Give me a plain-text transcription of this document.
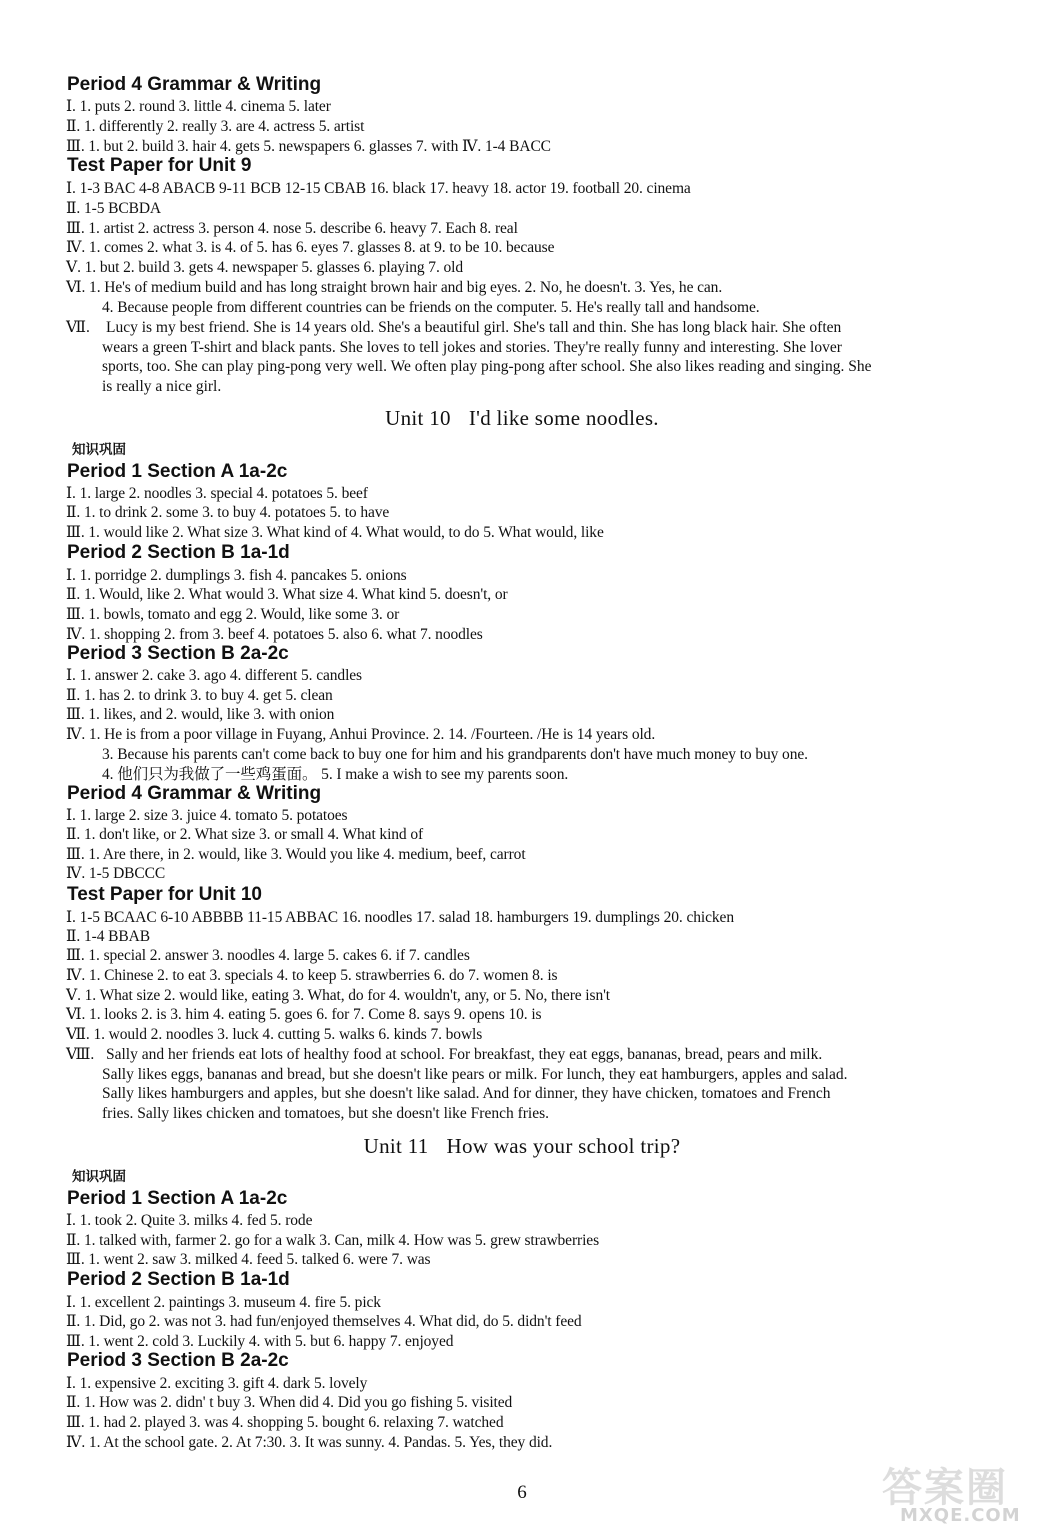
Period 4 Grammar & Writing
Ⅰ. 1. puts 2. round 3. little 4. cinema 5. later
Ⅱ. 1. differently 2. really 3. are 4. actress 5. artist
Ⅲ. 1. but 2. build 3. hair 4. gets 5. newspapers 6. glasses 7. with Ⅳ. 1-4 BACC
Test Paper for Unit 9
Ⅰ. 1-3 BAC 4-8 ABACB 9-11 BCB 12-15 CBAB 16. black 17. heavy 18. actor 19. football 20. cinema
Ⅱ. 1-5 BCBDA
Ⅲ. 1. artist 2. actress 3. person 4. nose 5. describe 6. heavy 7. Each 8. real
Ⅳ. 1. comes 2. what 3. is 4. of 5. has 6. eyes 7. glasses 8. at 9. to be 10. because
Ⅴ. 1. but 2. build 3. gets 4. newspaper 5. glasses 6. playing 7. old
Ⅵ. 1. He's of medium build and has long straight brown hair and big eyes. 2. No, he doesn't. 3. Yes, he can.
4. Because people from different countries can be friends on the computer. 5. He's really tall and handsome.
Ⅶ. Lucy is my best friend. She is 14 years old. She's a beautiful girl. She's tall and thin. She has long black hair. She often
wears a green T-shirt and black pants. She loves to tell jokes and stories. They're really funny and interesting. She lover
sports, too. She can play ping-pong very well. We often play ping-pong after school. She also likes reading and singing. She
is really a nice girl.
Unit 10 I'd like some noodles.
知识巩固
Period 1 Section A 1a-2c
Ⅰ. 1. large 2. noodles 3. special 4. potatoes 5. beef
Ⅱ. 1. to drink 2. some 3. to buy 4. potatoes 5. to have
Ⅲ. 1. would like 2. What size 3. What kind of 4. What would, to do 5. What would, like
Period 2 Section B 1a-1d
Ⅰ. 1. porridge 2. dumplings 3. fish 4. pancakes 5. onions
Ⅱ. 1. Would, like 2. What would 3. What size 4. What kind 5. doesn't, or
Ⅲ. 1. bowls, tomato and egg 2. Would, like some 3. or
Ⅳ. 1. shopping 2. from 3. beef 4. potatoes 5. also 6. what 7. noodles
Period 3 Section B 2a-2c
Ⅰ. 1. answer 2. cake 3. ago 4. different 5. candles
Ⅱ. 1. has 2. to drink 3. to buy 4. get 5. clean
Ⅲ. 1. likes, and 2. would, like 3. with onion
Ⅳ. 1. He is from a poor village in Fuyang, Anhui Province. 2. 14. /Fourteen. /He is 14 years old.
3. Because his parents can't come back to buy one for him and his grandparents don't have much money to buy one.
4. 他们只为我做了一些鸡蛋面。 5. I make a wish to see my parents soon.
Period 4 Grammar & Writing
Ⅰ. 1. large 2. size 3. juice 4. tomato 5. potatoes
Ⅱ. 1. don't like, or 2. What size 3. or small 4. What kind of
Ⅲ. 1. Are there, in 2. would, like 3. Would you like 4. medium, beef, carrot
Ⅳ. 1-5 DBCCC
Test Paper for Unit 10
Ⅰ. 1-5 BCAAC 6-10 ABBBB 11-15 ABBAC 16. noodles 17. salad 18. hamburgers 19. dumplings 20. chicken
Ⅱ. 1-4 BBAB
Ⅲ. 1. special 2. answer 3. noodles 4. large 5. cakes 6. if 7. candles
Ⅳ. 1. Chinese 2. to eat 3. specials 4. to keep 5. strawberries 6. do 7. women 8. is
Ⅴ. 1. What size 2. would like, eating 3. What, do for 4. wouldn't, any, or 5. No, there isn't
Ⅵ. 1. looks 2. is 3. him 4. eating 5. goes 6. for 7. Come 8. says 9. opens 10. is
Ⅶ. 1. would 2. noodles 3. luck 4. cutting 5. walks 6. kinds 7. bowls
Ⅷ. Sally and her friends eat lots of healthy food at school. For breakfast, they eat eggs, bananas, bread, pears and milk.
Sally likes eggs, bananas and bread, but she doesn't like pears or milk. For lunch, they eat hamburgers, apples and salad.
Sally likes hamburgers and apples, but she doesn't like salad. And for dinner, they have chicken, tomatoes and French
fries. Sally likes chicken and tomatoes, but she doesn't like French fries.
Unit 11 How was your school trip?
知识巩固
Period 1 Section A 1a-2c
Ⅰ. 1. took 2. Quite 3. milks 4. fed 5. rode
Ⅱ. 1. talked with, farmer 2. go for a walk 3. Can, milk 4. How was 5. grew strawberries
Ⅲ. 1. went 2. saw 3. milked 4. feed 5. talked 6. were 7. was
Period 2 Section B 1a-1d
Ⅰ. 1. excellent 2. paintings 3. museum 4. fire 5. pick
Ⅱ. 1. Did, go 2. was not 3. had fun/enjoyed themselves 4. What did, do 5. didn't feed
Ⅲ. 1. went 2. cold 3. Luckily 4. with 5. but 6. happy 7. enjoyed
Period 3 Section B 2a-2c
Ⅰ. 1. expensive 2. exciting 3. gift 4. dark 5. lovely
Ⅱ. 1. How was 2. didn' t buy 3. When did 4. Did you go fishing 5. visited
Ⅲ. 1. had 2. played 3. was 4. shopping 5. bought 6. relaxing 7. watched
Ⅳ. 1. At the school gate. 2. At 7:30. 3. It was sunny. 4. Pandas. 5. Yes, they did.
6	答案圈
MXQE.COM
